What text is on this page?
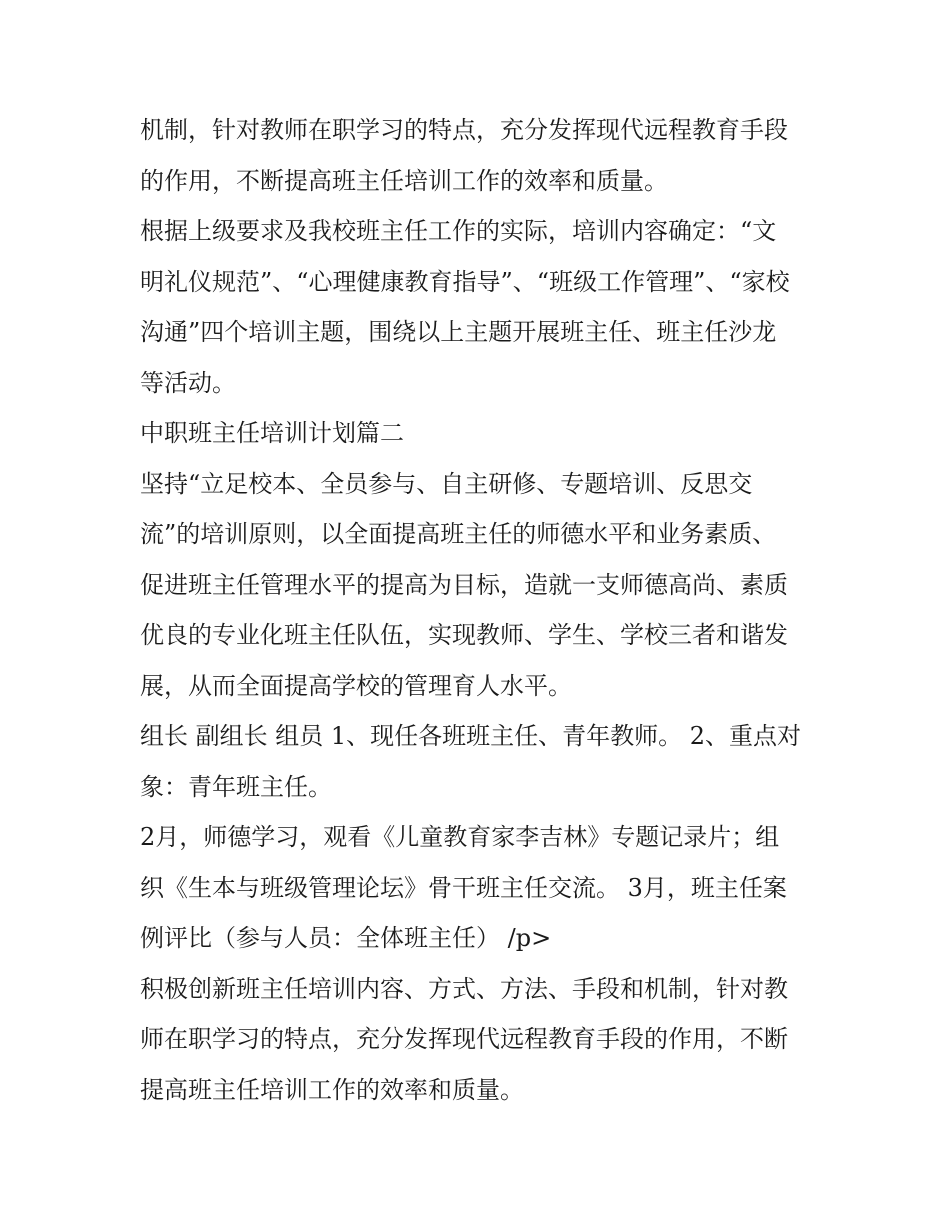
机制，针对教师在职学习的特点，充分发挥现代远程教育手段
的作用，不断提高班主任培训工作的效率和质量。
根据上级要求及我校班主任工作的实际，培训内容确定：“文
明礼仪规范”、“心理健康教育指导”、“班级工作管理”、“家校
沟通”四个培训主题，围绕以上主题开展班主任、班主任沙龙
等活动。
中职班主任培训计划篇二
坚持“立足校本、全员参与、自主研修、专题培训、反思交
流”的培训原则，以全面提高班主任的师德水平和业务素质、
促进班主任管理水平的提高为目标，造就一支师德高尚、素质
优良的专业化班主任队伍，实现教师、学生、学校三者和谐发
展，从而全面提高学校的管理育人水平。
组长 副组长 组员 1、现任各班班主任、青年教师。 2、重点对
象：青年班主任。
2月，师德学习，观看《儿童教育家李吉林》专题记录片；组
织《生本与班级管理论坛》骨干班主任交流。 3月，班主任案
例评比（参与人员：全体班主任） /p>
积极创新班主任培训内容、方式、方法、手段和机制，针对教
师在职学习的特点，充分发挥现代远程教育手段的作用，不断
提高班主任培训工作的效率和质量。
